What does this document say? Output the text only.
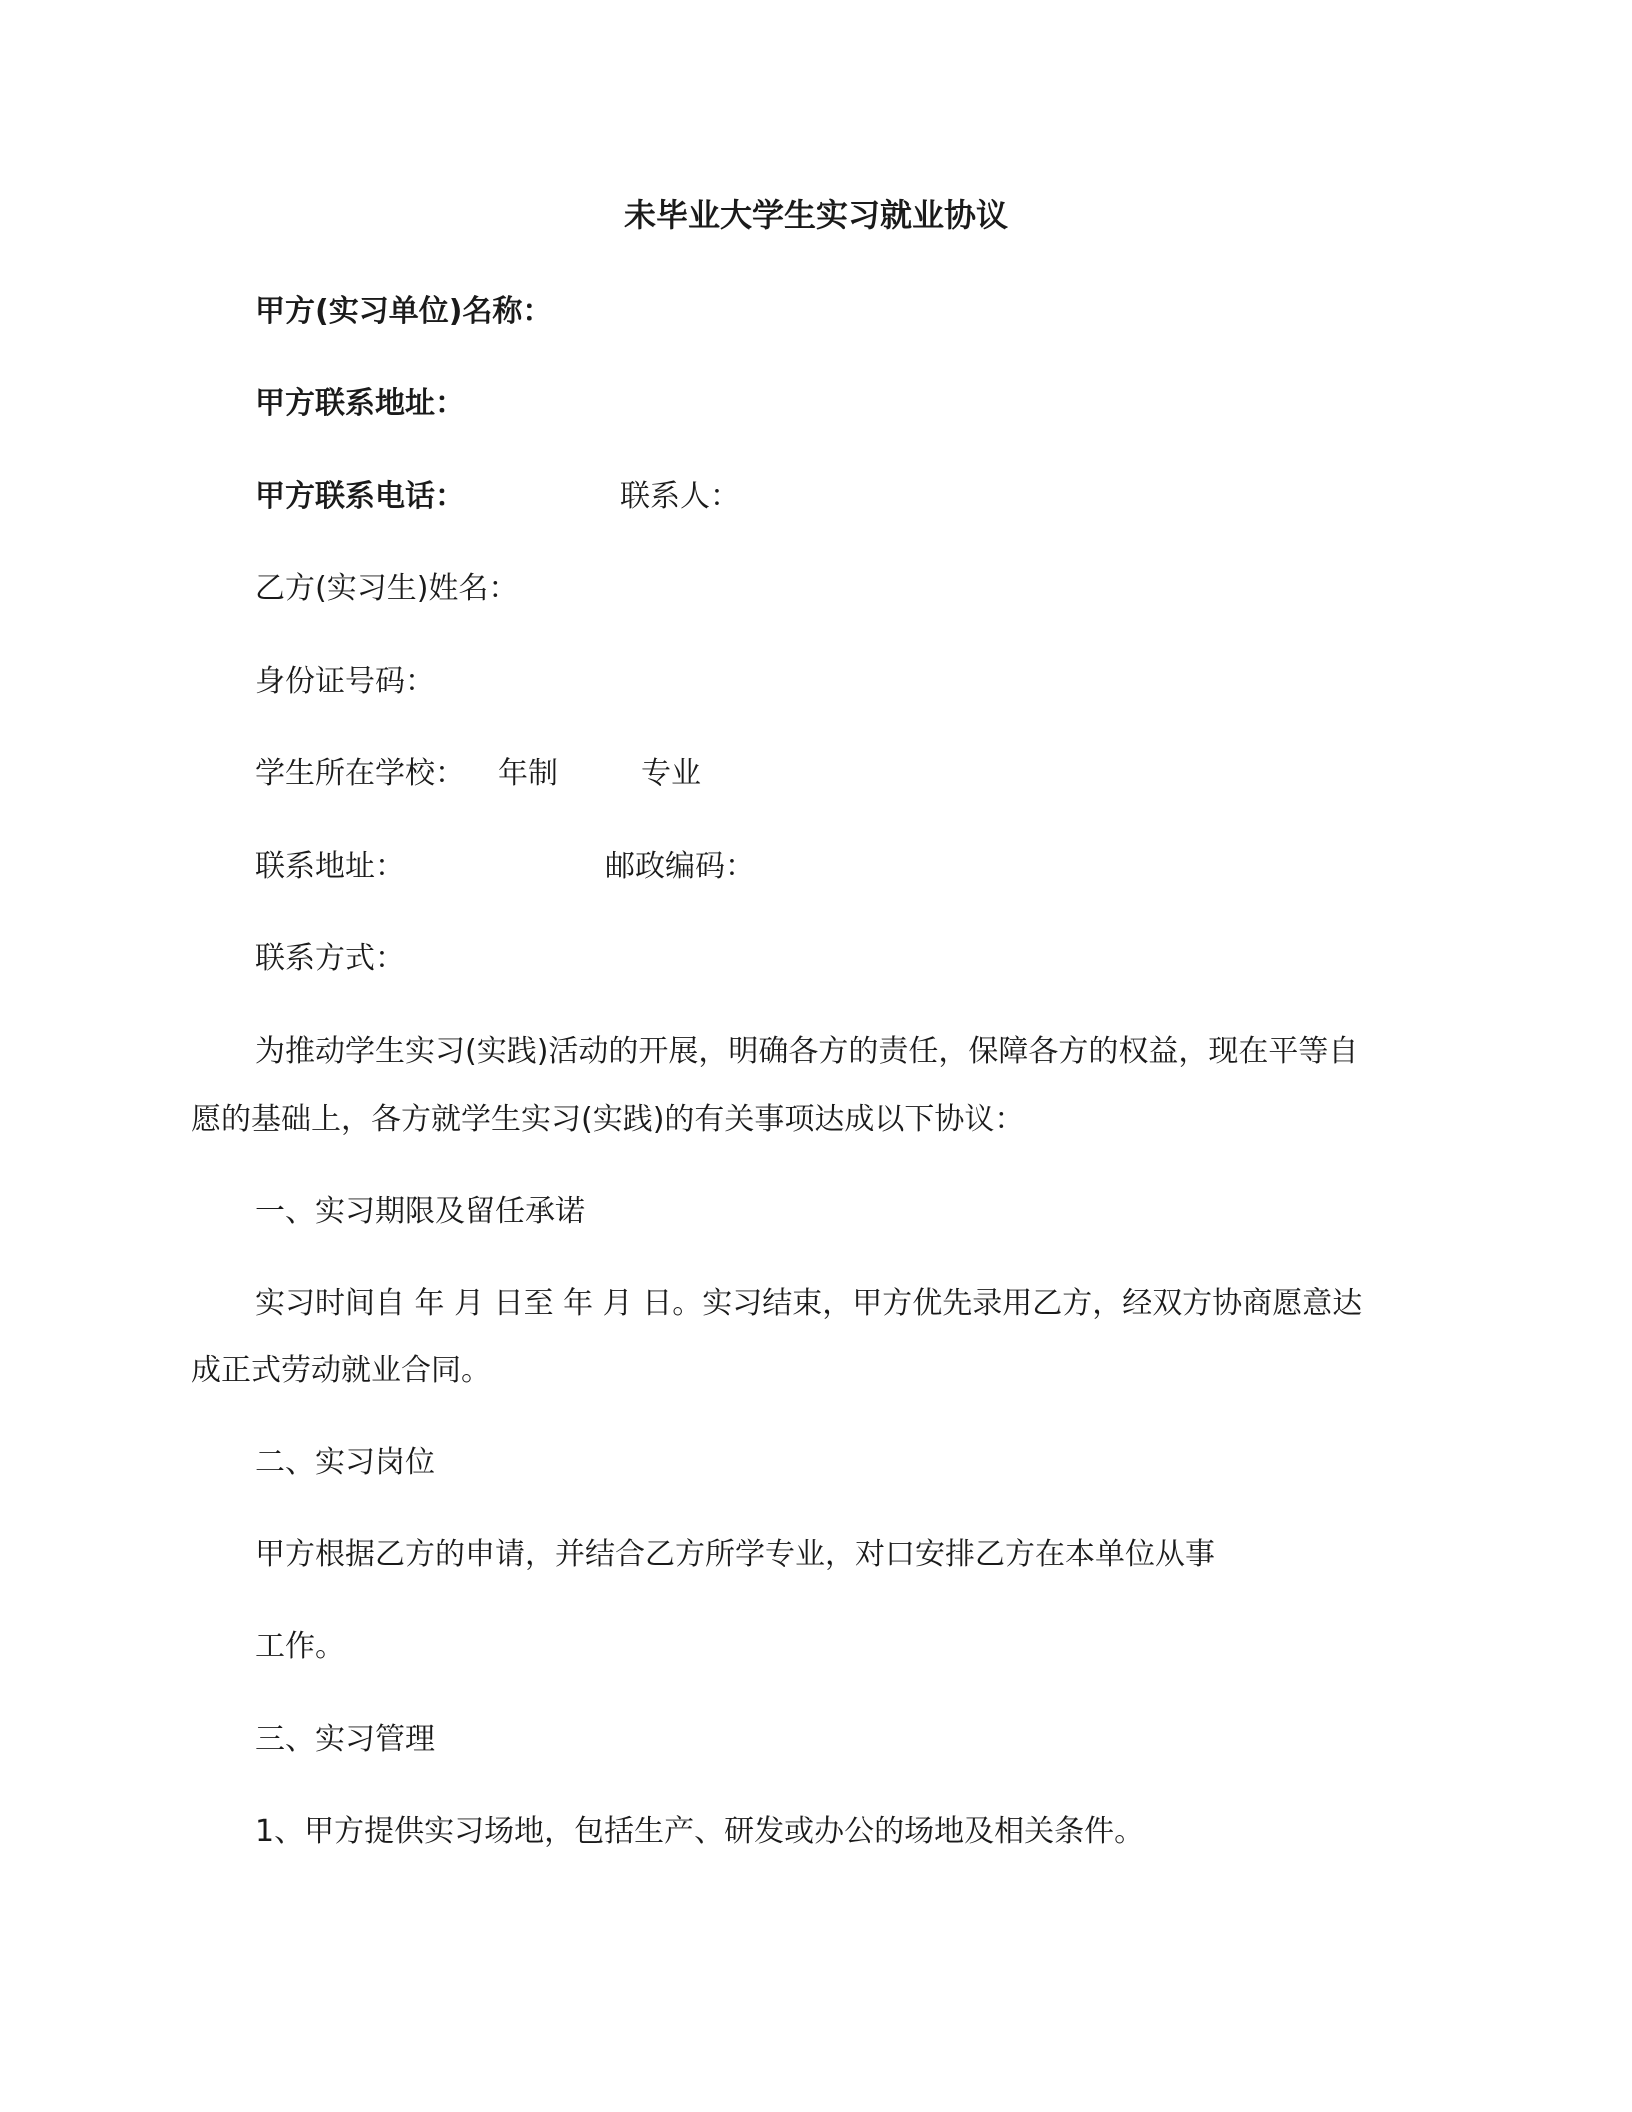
未毕业大学生实习就业协议
甲方(实习单位)名称：
甲方联系地址：
甲方联系电话：	联系人：
乙方(实习生)姓名：
身份证号码：
学生所在学校： 年制	专业
联系地址：	邮政编码：
联系方式：
为推动学生实习(实践)活动的开展，明确各方的责任，保障各方的权益，现在平等自
愿的基础上，各方就学生实习(实践)的有关事项达成以下协议：
一、实习期限及留任承诺
实习时间自 年 月 日至 年 月 日。实习结束，甲方优先录用乙方，经双方协商愿意达
成正式劳动就业合同。
二、实习岗位
甲方根据乙方的申请，并结合乙方所学专业，对口安排乙方在本单位从事
工作。
三、实习管理
1、甲方提供实习场地，包括生产、研发或办公的场地及相关条件。
